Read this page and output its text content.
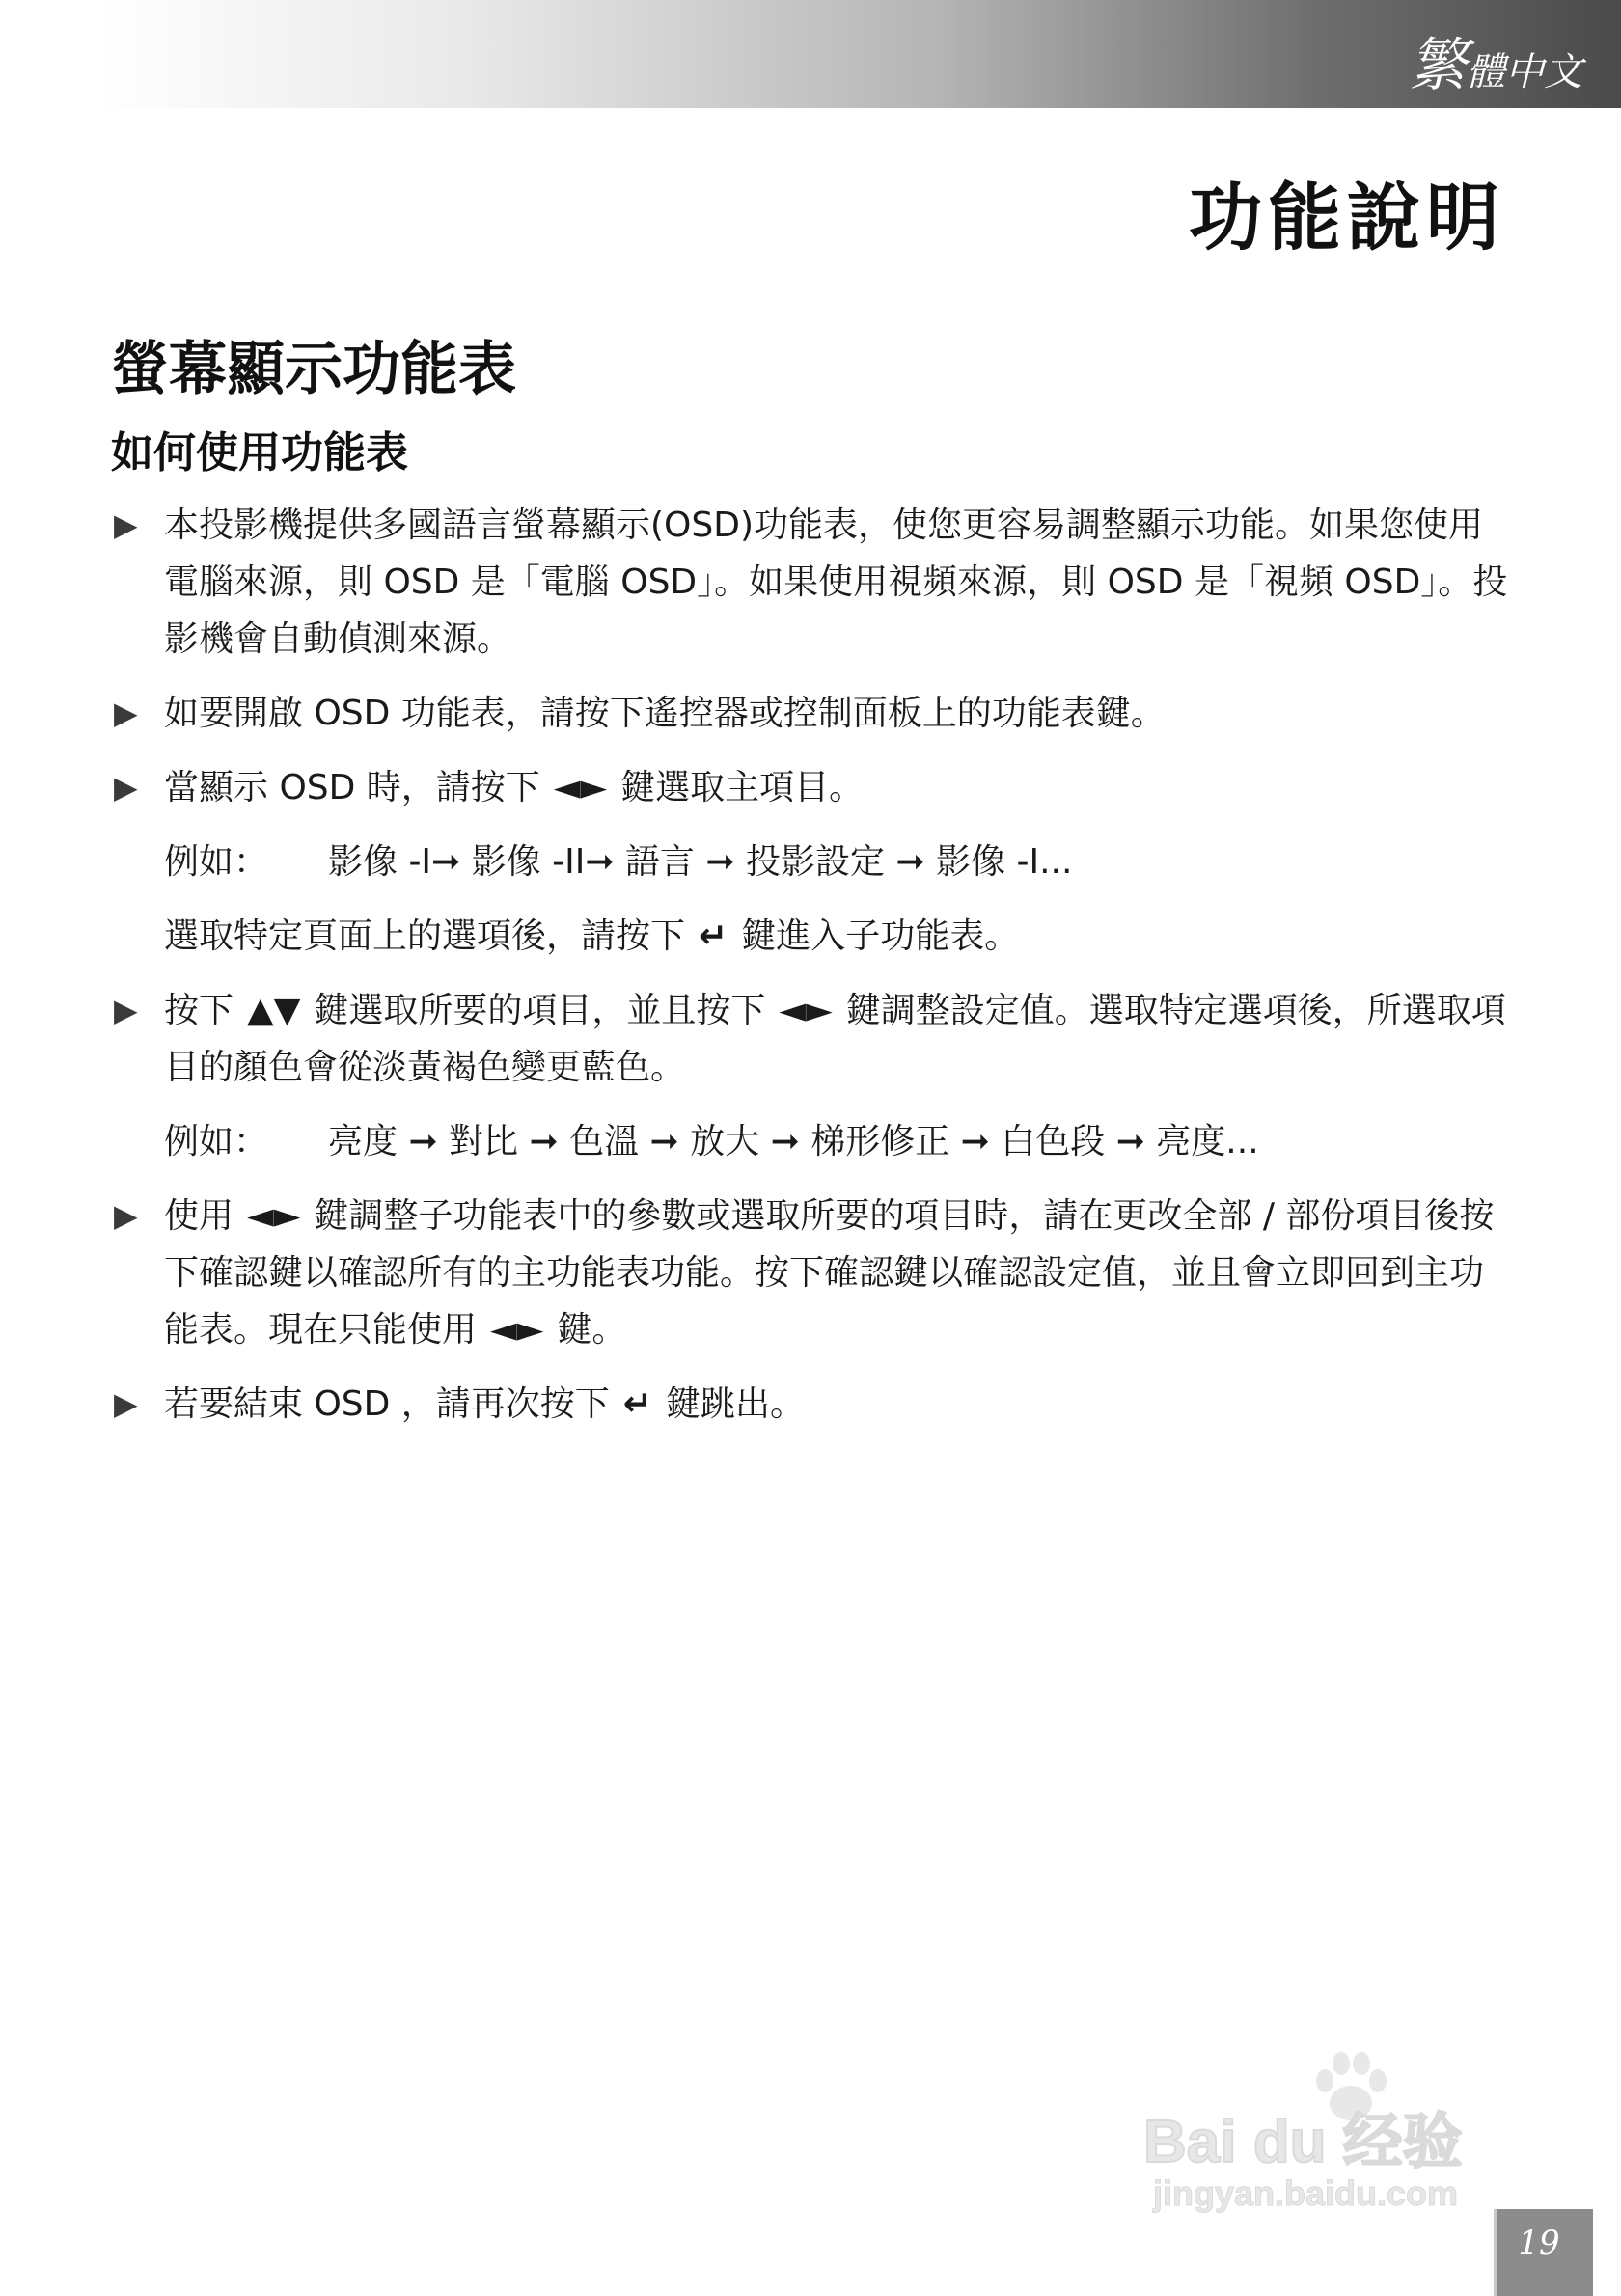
繁體中文
功能說明
螢幕顯示功能表
如何使用功能表
▶ 本投影機提供多國語言螢幕顯示(OSD)功能表，使您更容易調整顯示功能。如果您使用電腦來源，則 OSD 是「電腦 OSD」。如果使用視頻來源，則 OSD 是「視頻 OSD」。投影機會自動偵測來源。
▶ 如要開啟 OSD 功能表，請按下遙控器或控制面板上的功能表鍵。
▶ 當顯示 OSD 時，請按下 ◄► 鍵選取主項目。
例如： 影像 -I➞ 影像 -II➞ 語言 ➞ 投影設定 ➞ 影像 -I...
選取特定頁面上的選項後，請按下 ↵ 鍵進入子功能表。
▶ 按下 ▲▼ 鍵選取所要的項目，並且按下 ◄► 鍵調整設定值。選取特定選項後，所選取項目的顏色會從淡黃褐色變更藍色。
例如： 亮度 ➞ 對比 ➞ 色溫 ➞ 放大 ➞ 梯形修正 ➞ 白色段 ➞ 亮度...
▶ 使用 ◄► 鍵調整子功能表中的參數或選取所要的項目時，請在更改全部 / 部份項目後按下確認鍵以確認所有的主功能表功能。按下確認鍵以確認設定值，並且會立即回到主功能表。現在只能使用 ◄► 鍵。
▶ 若要結束 OSD ，請再次按下 ↵ 鍵跳出。
Bai du 经验
jingyan.baidu.com
19
